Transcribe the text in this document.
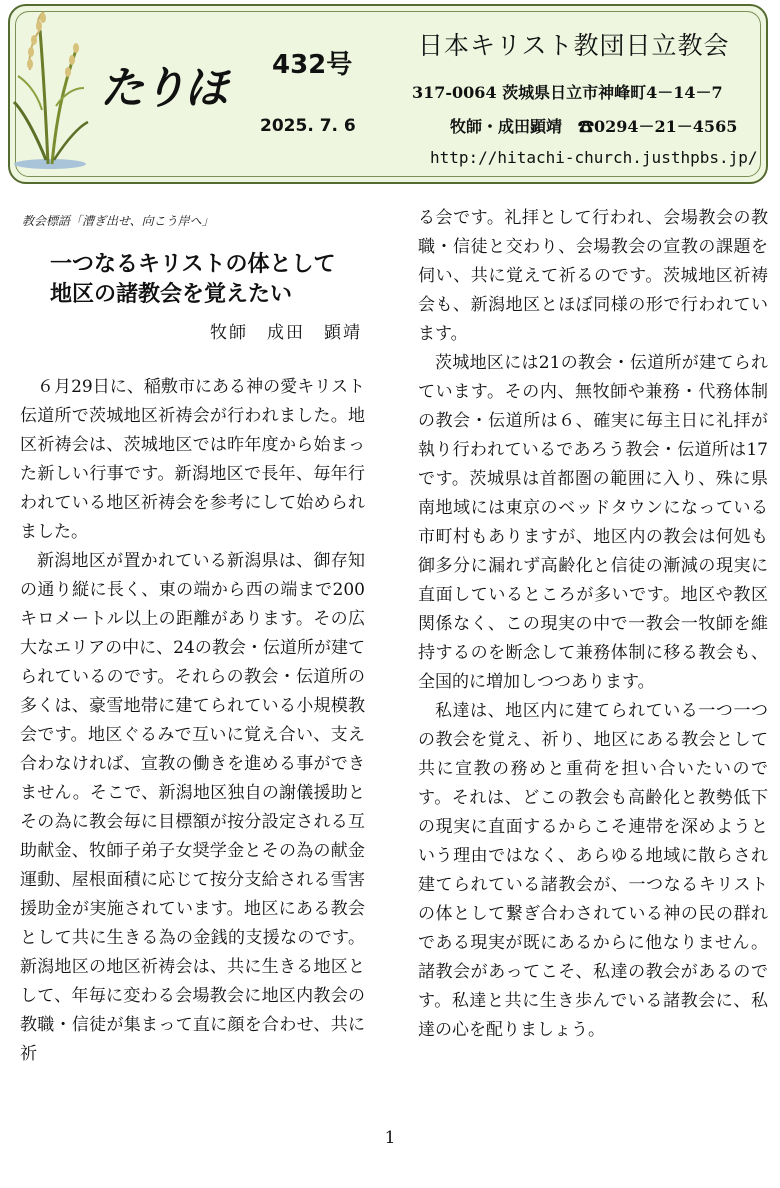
たりほ 432号
2025. 7. 6
日本キリスト教団日立教会
317-0064 茨城県日立市神峰町4－14－7
牧師・成田顕靖　☎0294－21－4565
http://hitachi-church.justhpbs.jp/
教会標語「漕ぎ出せ、向こう岸へ」
一つなるキリストの体として
地区の諸教会を覚えたい
牧師　成田　顕靖

６月29日に、稲敷市にある神の愛キリスト伝道所で茨城地区祈祷会が行われました。地区祈祷会は、茨城地区では昨年度から始まった新しい行事です。新潟地区で長年、毎年行われている地区祈祷会を参考にして始められました。

新潟地区が置かれている新潟県は、御存知の通り縦に長く、東の端から西の端まで200キロメートル以上の距離があります。その広大なエリアの中に、24の教会・伝道所が建てられているのです。それらの教会・伝道所の多くは、豪雪地帯に建てられている小規模教会です。地区ぐるみで互いに覚え合い、支え合わなければ、宣教の働きを進める事ができません。そこで、新潟地区独自の謝儀援助とその為に教会毎に目標額が按分設定される互助献金、牧師子弟子女奨学金とその為の献金運動、屋根面積に応じて按分支給される雪害援助金が実施されています。地区にある教会として共に生きる為の金銭的支援なのです。新潟地区の地区祈祷会は、共に生きる地区として、年毎に変わる会場教会に地区内教会の教職・信徒が集まって直に顔を合わせ、共に祈

る会です。礼拝として行われ、会場教会の教職・信徒と交わり、会場教会の宣教の課題を伺い、共に覚えて祈るのです。茨城地区祈祷会も、新潟地区とほぼ同様の形で行われています。

茨城地区には21の教会・伝道所が建てられています。その内、無牧師や兼務・代務体制の教会・伝道所は６、確実に毎主日に礼拝が執り行われているであろう教会・伝道所は17です。茨城県は首都圏の範囲に入り、殊に県南地域には東京のベッドタウンになっている市町村もありますが、地区内の教会は何処も御多分に漏れず高齢化と信徒の漸減の現実に直面しているところが多いです。地区や教区関係なく、この現実の中で一教会一牧師を維持するのを断念して兼務体制に移る教会も、全国的に増加しつつあります。

私達は、地区内に建てられている一つ一つの教会を覚え、祈り、地区にある教会として共に宣教の務めと重荷を担い合いたいのです。それは、どこの教会も高齢化と教勢低下の現実に直面するからこそ連帯を深めようという理由ではなく、あらゆる地域に散らされ建てられている諸教会が、一つなるキリストの体として繋ぎ合わされている神の民の群れである現実が既にあるからに他なりません。諸教会があってこそ、私達の教会があるのです。私達と共に生き歩んでいる諸教会に、私達の心を配りましょう。

1
